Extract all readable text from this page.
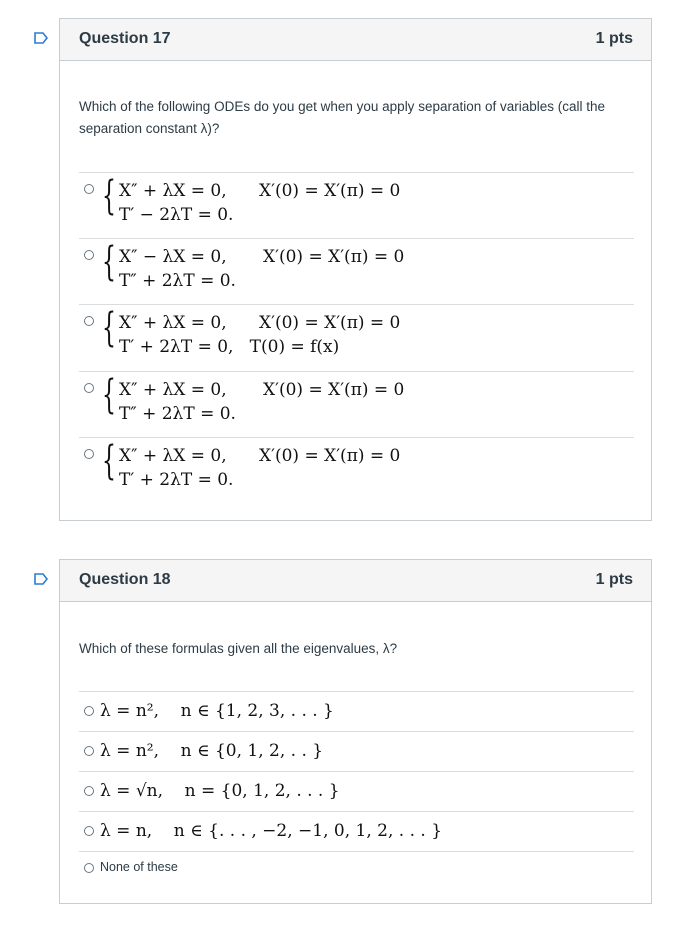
Question 17	1 pts
Which of the following ODEs do you get when you apply separation of variables (call the separation constant λ)?
{ X″ + λX = 0, X′(0) = X′(π) = 0
T′ − 2λT = 0.
{ X″ − λX = 0, X′(0) = X′(π) = 0
T″ + 2λT = 0.
{ X″ + λX = 0, X′(0) = X′(π) = 0
T′ + 2λT = 0,   T(0) = f(x)
{ X″ + λX = 0, X′(0) = X′(π) = 0
T″ + 2λT = 0.
{ X″ + λX = 0, X′(0) = X′(π) = 0
T′ + 2λT = 0.
Question 18	1 pts
Which of these formulas given all the eigenvalues, λ?
λ = n²,    n ∈ {1, 2, 3, . . . }
λ = n²,    n ∈ {0, 1, 2, . . }
λ = √n,    n = {0, 1, 2, . . . }
λ = n,    n ∈ {. . . , −2, −1, 0, 1, 2, . . . }
None of these
